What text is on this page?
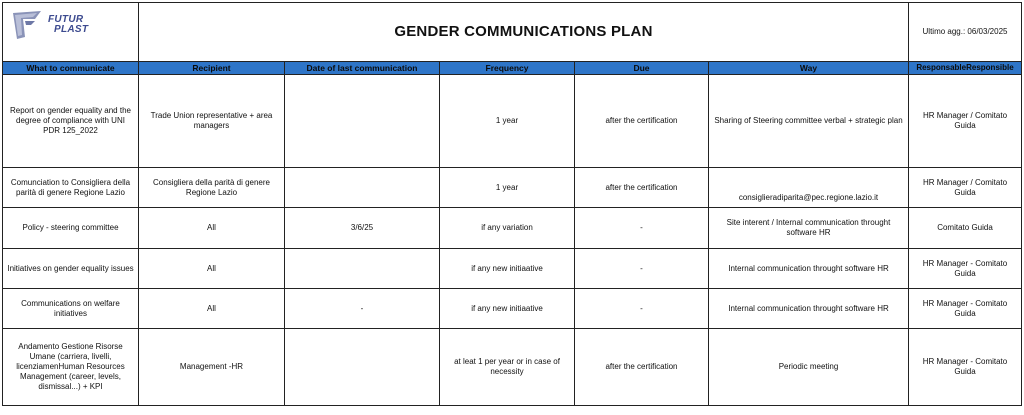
FUTUR
PLAST	GENDER COMMUNICATIONS PLAN					Ultimo agg.: 06/03/2025
What to communicate	Recipient	Date of last communication	Frequency	Due	Way	ResponsableResponsible
Report on gender equality and the degree of compliance with UNI PDR 125_2022	Trade Union representative + area managers		1 year	after the certification	Sharing of Steering committee verbal + strategic plan	HR Manager / Comitato Guida
Comunciation to Consigliera della parità di genere Regione Lazio	Consigliera della parità di genere Regione Lazio		1 year	after the certification	consiglieradiparita@pec.regione.lazio.it	HR Manager / Comitato Guida
Policy - steering committee	All	3/6/25	if any variation	-	Site interent / Internal communication throught software HR	Comitato Guida
Initiatives on gender equality issues	All		if any new initiaative	-	Internal communication throught software HR	HR Manager - Comitato Guida
Communications on welfare initiatives	All	-	if any new initiaative	-	Internal communication throught software HR	HR Manager - Comitato Guida
Andamento Gestione Risorse Umane (carriera, livelli, licenziamenHuman Resources Management (career, levels, dismissal...) + KPI	Management -HR		at leat 1 per year or in case of necessity	after the certification	Periodic meeting	HR Manager - Comitato Guida
